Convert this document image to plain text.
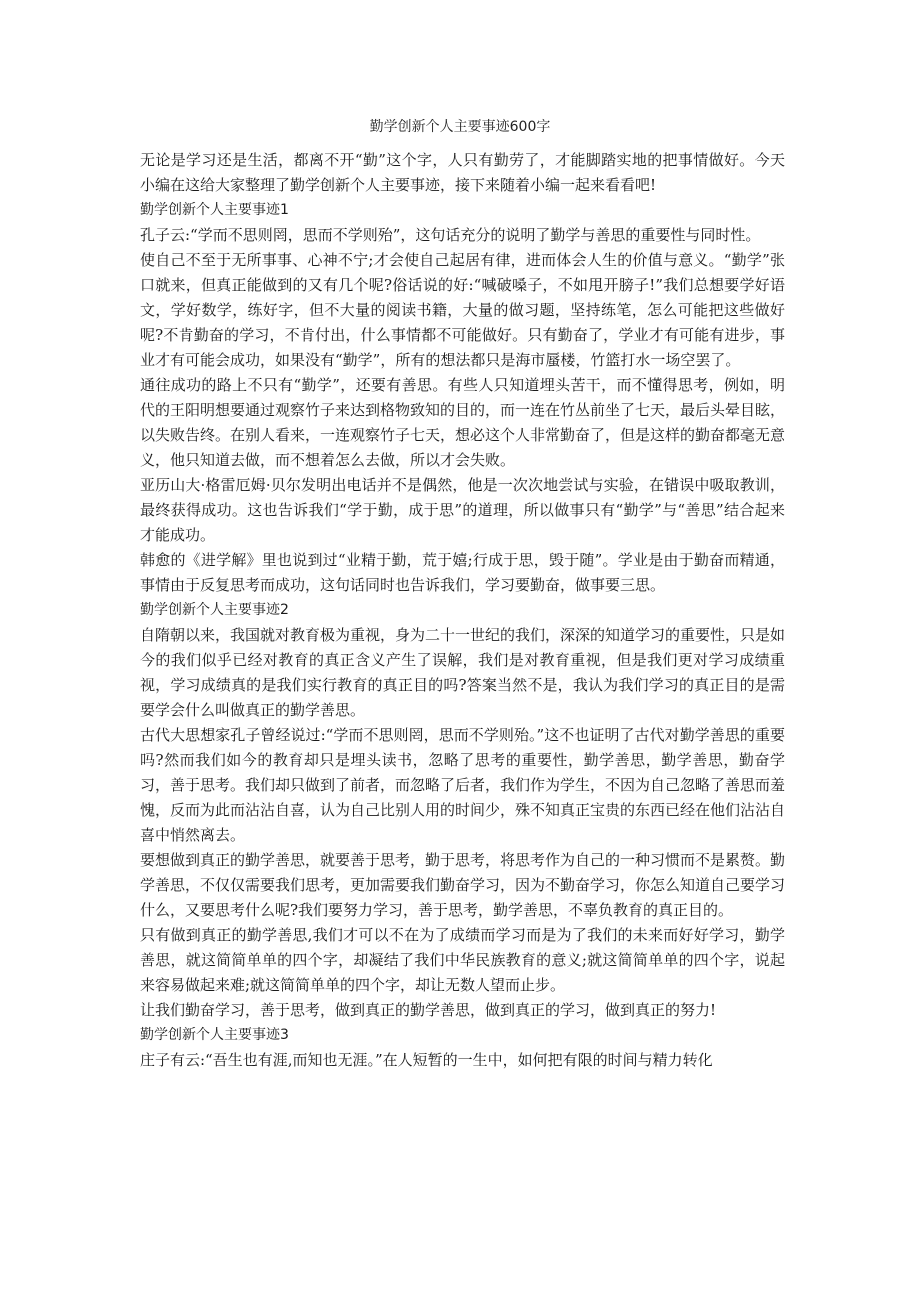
勤学创新个人主要事迹600字

无论是学习还是生活，都离不开“勤”这个字，人只有勤劳了，才能脚踏实地的把事情做好。今天小编在这给大家整理了勤学创新个人主要事迹，接下来随着小编一起来看看吧!

勤学创新个人主要事迹1

孔子云:“学而不思则罔，思而不学则殆”，这句话充分的说明了勤学与善思的重要性与同时性。

使自己不至于无所事事、心神不宁;才会使自己起居有律，进而体会人生的价值与意义。“勤学”张口就来，但真正能做到的又有几个呢?俗话说的好:“喊破嗓子，不如甩开膀子!”我们总想要学好语文，学好数学，练好字，但不大量的阅读书籍，大量的做习题，坚持练笔，怎么可能把这些做好呢?不肯勤奋的学习，不肯付出，什么事情都不可能做好。只有勤奋了，学业才有可能有进步，事业才有可能会成功，如果没有“勤学”，所有的想法都只是海市蜃楼，竹篮打水一场空罢了。

通往成功的路上不只有“勤学”，还要有善思。有些人只知道埋头苦干，而不懂得思考，例如，明代的王阳明想要通过观察竹子来达到格物致知的目的，而一连在竹丛前坐了七天，最后头晕目眩，以失败告终。在别人看来，一连观察竹子七天，想必这个人非常勤奋了，但是这样的勤奋都毫无意义，他只知道去做，而不想着怎么去做，所以才会失败。

亚历山大·格雷厄姆·贝尔发明出电话并不是偶然，他是一次次地尝试与实验，在错误中吸取教训，最终获得成功。这也告诉我们“学于勤，成于思”的道理，所以做事只有“勤学”与“善思”结合起来才能成功。

韩愈的《进学解》里也说到过“业精于勤，荒于嬉;行成于思，毁于随”。学业是由于勤奋而精通，事情由于反复思考而成功，这句话同时也告诉我们，学习要勤奋，做事要三思。

勤学创新个人主要事迹2

自隋朝以来，我国就对教育极为重视，身为二十一世纪的我们，深深的知道学习的重要性，只是如今的我们似乎已经对教育的真正含义产生了误解，我们是对教育重视，但是我们更对学习成绩重视，学习成绩真的是我们实行教育的真正目的吗?答案当然不是，我认为我们学习的真正目的是需要学会什么叫做真正的勤学善思。

古代大思想家孔子曾经说过:“学而不思则罔，思而不学则殆。”这不也证明了古代对勤学善思的重要吗?然而我们如今的教育却只是埋头读书，忽略了思考的重要性，勤学善思，勤学善思，勤奋学习，善于思考。我们却只做到了前者，而忽略了后者，我们作为学生，不因为自己忽略了善思而羞愧，反而为此而沾沾自喜，认为自己比别人用的时间少，殊不知真正宝贵的东西已经在他们沾沾自喜中悄然离去。

要想做到真正的勤学善思，就要善于思考，勤于思考，将思考作为自己的一种习惯而不是累赘。勤学善思，不仅仅需要我们思考，更加需要我们勤奋学习，因为不勤奋学习，你怎么知道自己要学习什么，又要思考什么呢?我们要努力学习，善于思考，勤学善思，不辜负教育的真正目的。

只有做到真正的勤学善思,我们才可以不在为了成绩而学习而是为了我们的未来而好好学习，勤学善思，就这简简单单的四个字，却凝结了我们中华民族教育的意义;就这简简单单的四个字，说起来容易做起来难;就这简简单单的四个字，却让无数人望而止步。

让我们勤奋学习，善于思考，做到真正的勤学善思，做到真正的学习，做到真正的努力!

勤学创新个人主要事迹3

庄子有云:“吾生也有涯,而知也无涯。”在人短暂的一生中，如何把有限的时间与精力转化
